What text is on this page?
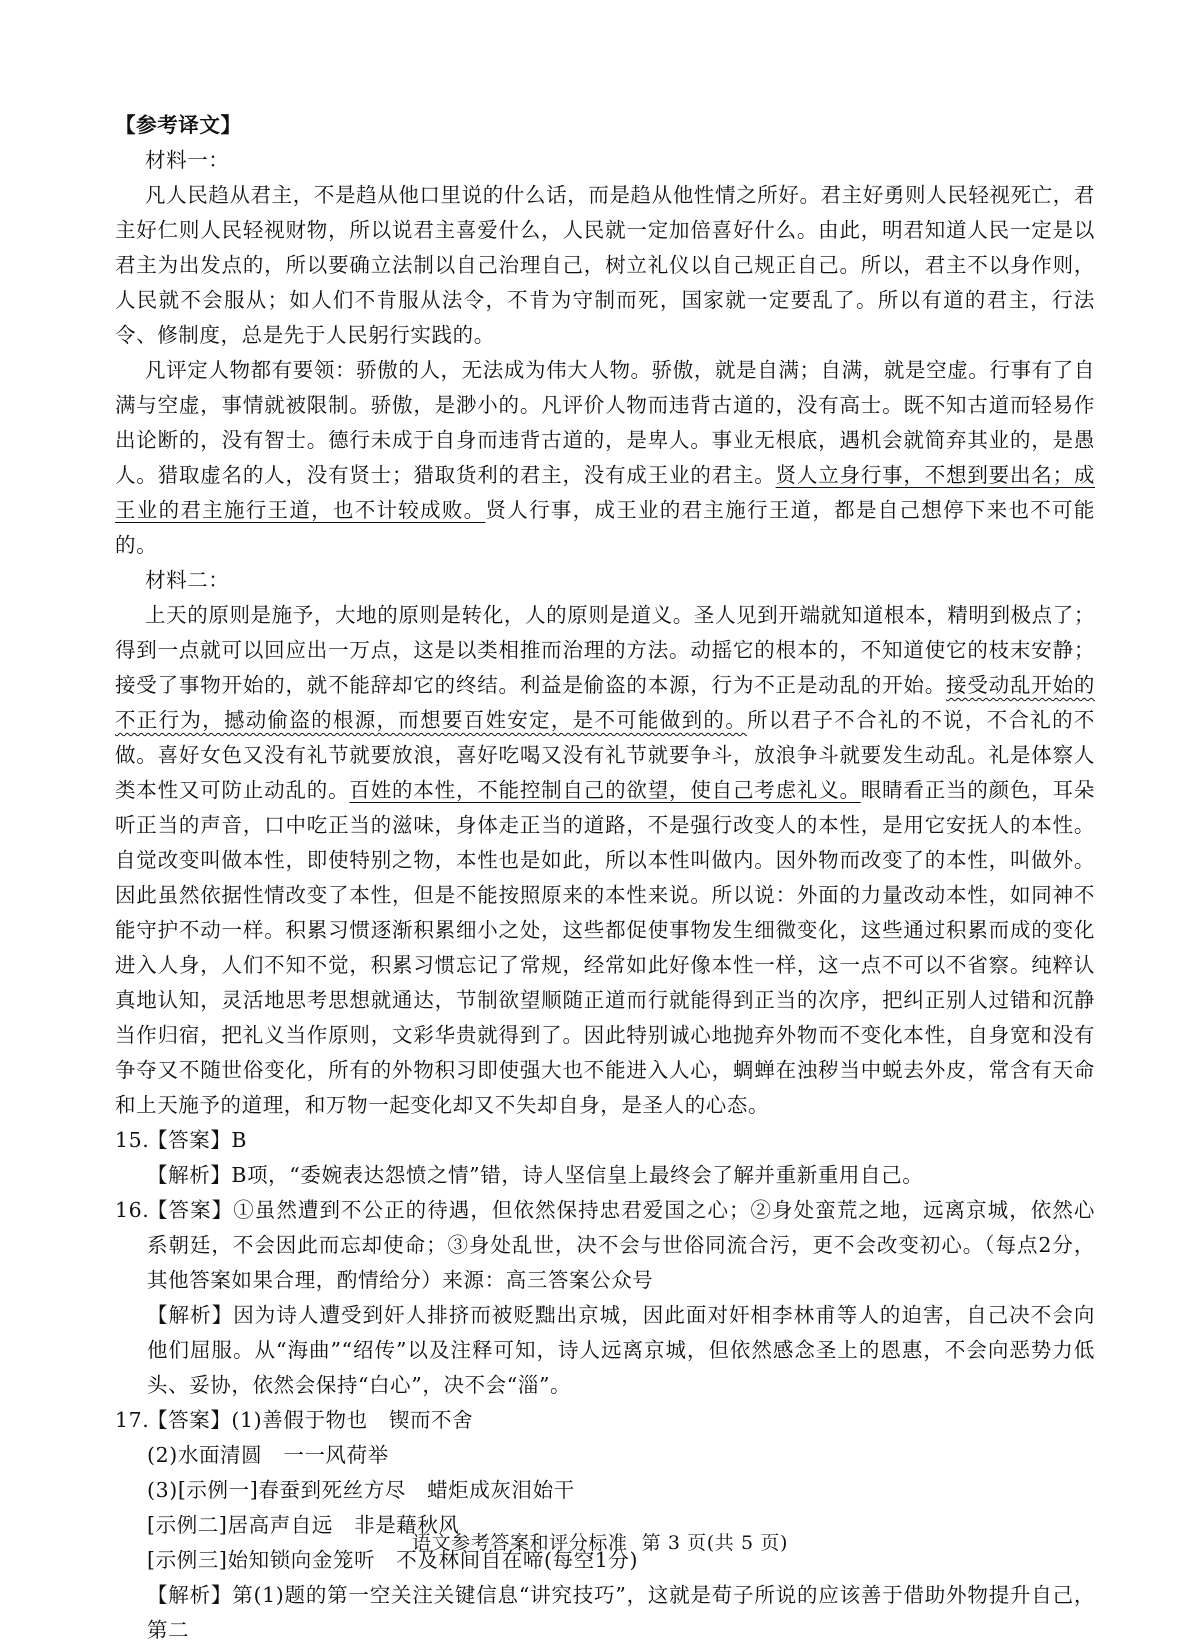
【参考译文】

材料一：

凡人民趋从君主，不是趋从他口里说的什么话，而是趋从他性情之所好。君主好勇则人民轻视死亡，君主好仁则人民轻视财物，所以说君主喜爱什么，人民就一定加倍喜好什么。由此，明君知道人民一定是以君主为出发点的，所以要确立法制以自己治理自己，树立礼仪以自己规正自己。所以，君主不以身作则，人民就不会服从；如人们不肯服从法令，不肯为守制而死，国家就一定要乱了。所以有道的君主，行法令、修制度，总是先于人民躬行实践的。

凡评定人物都有要领：骄傲的人，无法成为伟大人物。骄傲，就是自满；自满，就是空虚。行事有了自满与空虚，事情就被限制。骄傲，是渺小的。凡评价人物而违背古道的，没有高士。既不知古道而轻易作出论断的，没有智士。德行未成于自身而违背古道的，是卑人。事业无根底，遇机会就简弃其业的，是愚人。猎取虚名的人，没有贤士；猎取货利的君主，没有成王业的君主。贤人立身行事，不想到要出名；成王业的君主施行王道，也不计较成败。贤人行事，成王业的君主施行王道，都是自己想停下来也不可能的。

材料二：

上天的原则是施予，大地的原则是转化，人的原则是道义。圣人见到开端就知道根本，精明到极点了；得到一点就可以回应出一万点，这是以类相推而治理的方法。动摇它的根本的，不知道使它的枝末安静；接受了事物开始的，就不能辞却它的终结。利益是偷盗的本源，行为不正是动乱的开始。接受动乱开始的不正行为，撼动偷盗的根源，而想要百姓安定，是不可能做到的。所以君子不合礼的不说，不合礼的不做。喜好女色又没有礼节就要放浪，喜好吃喝又没有礼节就要争斗，放浪争斗就要发生动乱。礼是体察人类本性又可防止动乱的。百姓的本性，不能控制自己的欲望，使自己考虑礼义。眼睛看正当的颜色，耳朵听正当的声音，口中吃正当的滋味，身体走正当的道路，不是强行改变人的本性，是用它安抚人的本性。自觉改变叫做本性，即使特别之物，本性也是如此，所以本性叫做内。因外物而改变了的本性，叫做外。因此虽然依据性情改变了本性，但是不能按照原来的本性来说。所以说：外面的力量改动本性，如同神不能守护不动一样。积累习惯逐渐积累细小之处，这些都促使事物发生细微变化，这些通过积累而成的变化进入人身，人们不知不觉，积累习惯忘记了常规，经常如此好像本性一样，这一点不可以不省察。纯粹认真地认知，灵活地思考思想就通达，节制欲望顺随正道而行就能得到正当的次序，把纠正别人过错和沉静当作归宿，把礼义当作原则，文彩华贵就得到了。因此特别诚心地抛弃外物而不变化本性，自身宽和没有争夺又不随世俗变化，所有的外物积习即使强大也不能进入人心，蜩蝉在浊秽当中蜕去外皮，常含有天命和上天施予的道理，和万物一起变化却又不失却自身，是圣人的心态。

15.
【答案】B

【解析】B项，“委婉表达怨愤之情”错，诗人坚信皇上最终会了解并重新重用自己。

16.
【答案】①虽然遭到不公正的待遇，但依然保持忠君爱国之心；②身处蛮荒之地，远离京城，依然心系朝廷，不会因此而忘却使命；③身处乱世，决不会与世俗同流合污，更不会改变初心。（每点2分，其他答案如果合理，酌情给分）来源：高三答案公众号

【解析】因为诗人遭受到奸人排挤而被贬黜出京城，因此面对奸相李林甫等人的迫害，自己决不会向他们屈服。从“海曲”“绍传”以及注释可知，诗人远离京城，但依然感念圣上的恩惠，不会向恶势力低头、妥协，依然会保持“白心”，决不会“淄”。

17.
【答案】(1)善假于物也　锲而不舍

(2)水面清圆　一一风荷举

(3)[示例一]春蚕到死丝方尽　蜡炬成灰泪始干

[示例二]居高声自远　非是藉秋风

[示例三]始知锁向金笼听　不及林间自在啼(每空1分)

【解析】第(1)题的第一空关注关键信息“讲究技巧”，这就是荀子所说的应该善于借助外物提升自己，第二

语文参考答案和评分标准 第 3 页(共 5 页)
